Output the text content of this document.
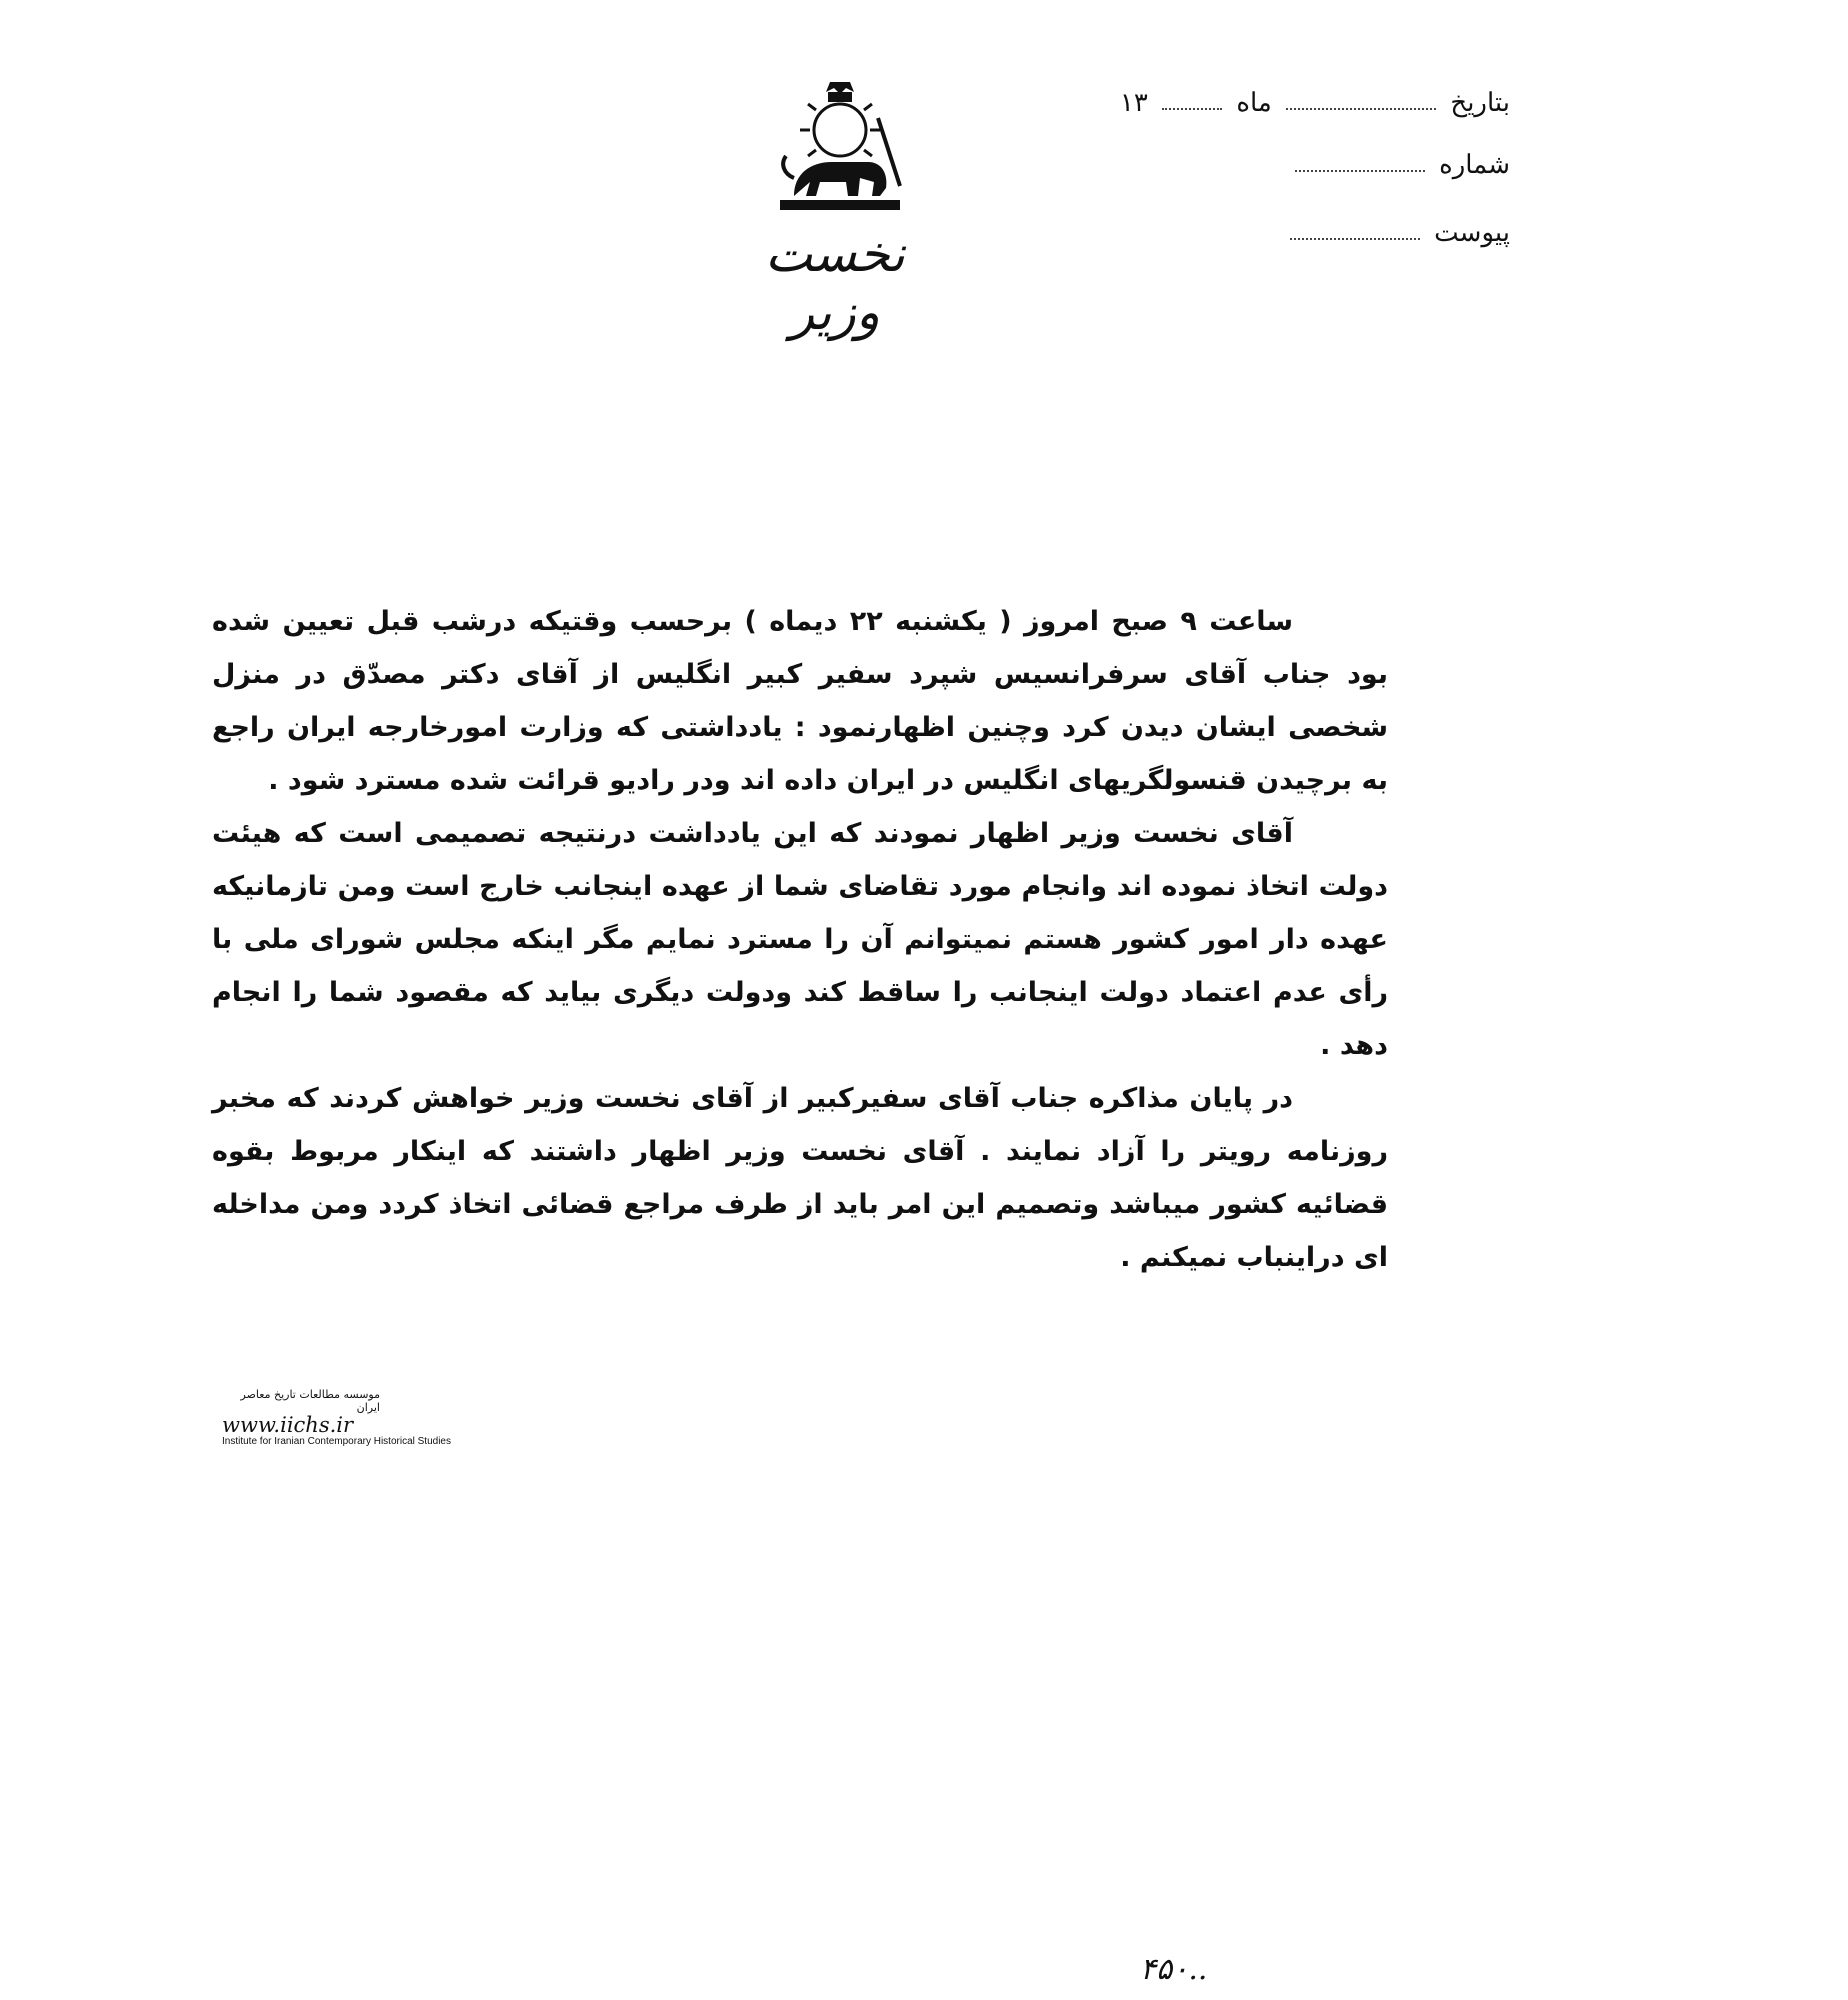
نخست وزیر
بتاریخ  ماه  ۱۳
شماره
پیوست

ساعت ۹ صبح امروز ( یکشنبه ۲۲ دیماه ) برحسب وقتیکه درشب قبل تعیین شده بود جناب آقای سرفرانسیس شپرد سفیر کبیر انگلیس از آقای دکتر مصدّق در منزل شخصی ایشان دیدن کرد وچنین اظهارنمود : یادداشتی که وزارت امورخارجه ایران راجع به برچیدن قنسولگریهای انگلیس در ایران داده اند ودر رادیو قرائت شده مسترد شود .

آقای نخست وزیر اظهار نمودند که این یادداشت درنتیجه تصمیمی است که هیئت دولت اتخاذ نموده اند وانجام مورد تقاضای شما از عهده اینجانب خارج است ومن تازمانیکه عهده دار امور کشور هستم نمیتوانم آن را مسترد نمایم مگر اینکه مجلس شورای ملی با رأی عدم اعتماد دولت اینجانب را ساقط کند ودولت دیگری بیاید که مقصود شما را انجام دهد .

در پایان مذاکره جناب آقای سفیرکبیر از آقای نخست وزیر خواهش کردند که مخبر روزنامه رویتر را آزاد نمایند . آقای نخست وزیر اظهار داشتند که اینکار مربوط بقوه قضائیه کشور میباشد وتصمیم این امر باید از طرف مراجع قضائی اتخاذ کردد ومن مداخله ای دراینباب نمیکنم .

موسسه مطالعات تاریخ معاصر ایران
www.iichs.ir
Institute for Iranian Contemporary Historical Studies
۴۵۰..
